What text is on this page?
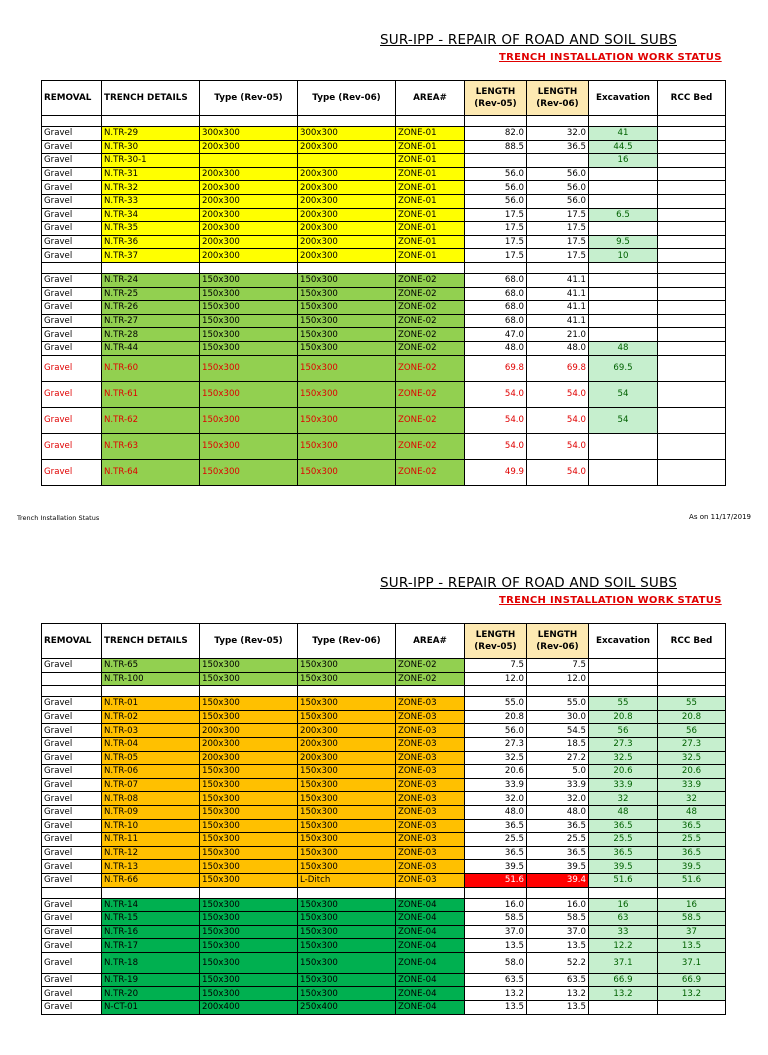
SUR-IPP - REPAIR OF ROAD AND SOIL SUBS
TRENCH INSTALLATION WORK STATUS
REMOVAL	TRENCH DETAILS	Type (Rev-05)	Type (Rev-06)	AREA#	LENGTH (Rev-05)	LENGTH (Rev-06)	Excavation	RCC Bed

Gravel	N.TR-29	300x300	300x300	ZONE-01	82.0	32.0	41	
Gravel	N.TR-30	200x300	200x300	ZONE-01	88.5	36.5	44.5	
Gravel	N.TR-30-1			ZONE-01			16	
Gravel	N.TR-31	200x300	200x300	ZONE-01	56.0	56.0		
Gravel	N.TR-32	200x300	200x300	ZONE-01	56.0	56.0		
Gravel	N.TR-33	200x300	200x300	ZONE-01	56.0	56.0		
Gravel	N.TR-34	200x300	200x300	ZONE-01	17.5	17.5	6.5	
Gravel	N.TR-35	200x300	200x300	ZONE-01	17.5	17.5		
Gravel	N.TR-36	200x300	200x300	ZONE-01	17.5	17.5	9.5	
Gravel	N.TR-37	200x300	200x300	ZONE-01	17.5	17.5	10	

Gravel	N.TR-24	150x300	150x300	ZONE-02	68.0	41.1		
Gravel	N.TR-25	150x300	150x300	ZONE-02	68.0	41.1		
Gravel	N.TR-26	150x300	150x300	ZONE-02	68.0	41.1		
Gravel	N.TR-27	150x300	150x300	ZONE-02	68.0	41.1		
Gravel	N.TR-28	150x300	150x300	ZONE-02	47.0	21.0		
Gravel	N.TR-44	150x300	150x300	ZONE-02	48.0	48.0	48	
Gravel	N.TR-60	150x300	150x300	ZONE-02	69.8	69.8	69.5	
Gravel	N.TR-61	150x300	150x300	ZONE-02	54.0	54.0	54	
Gravel	N.TR-62	150x300	150x300	ZONE-02	54.0	54.0	54	
Gravel	N.TR-63	150x300	150x300	ZONE-02	54.0	54.0		
Gravel	N.TR-64	150x300	150x300	ZONE-02	49.9	54.0		
Trench Installation Status	As on 11/17/2019
SUR-IPP - REPAIR OF ROAD AND SOIL SUBS
TRENCH INSTALLATION WORK STATUS
REMOVAL	TRENCH DETAILS	Type (Rev-05)	Type (Rev-06)	AREA#	LENGTH (Rev-05)	LENGTH (Rev-06)	Excavation	RCC Bed
Gravel	N.TR-65	150x300	150x300	ZONE-02	7.5	7.5		
	N.TR-100	150x300	150x300	ZONE-02	12.0	12.0		

Gravel	N.TR-01	150x300	150x300	ZONE-03	55.0	55.0	55	55
Gravel	N.TR-02	150x300	150x300	ZONE-03	20.8	30.0	20.8	20.8
Gravel	N.TR-03	200x300	200x300	ZONE-03	56.0	54.5	56	56
Gravel	N.TR-04	200x300	200x300	ZONE-03	27.3	18.5	27.3	27.3
Gravel	N.TR-05	200x300	200x300	ZONE-03	32.5	27.2	32.5	32.5
Gravel	N.TR-06	150x300	150x300	ZONE-03	20.6	5.0	20.6	20.6
Gravel	N.TR-07	150x300	150x300	ZONE-03	33.9	33.9	33.9	33.9
Gravel	N.TR-08	150x300	150x300	ZONE-03	32.0	32.0	32	32
Gravel	N.TR-09	150x300	150x300	ZONE-03	48.0	48.0	48	48
Gravel	N.TR-10	150x300	150x300	ZONE-03	36.5	36.5	36.5	36.5
Gravel	N.TR-11	150x300	150x300	ZONE-03	25.5	25.5	25.5	25.5
Gravel	N.TR-12	150x300	150x300	ZONE-03	36.5	36.5	36.5	36.5
Gravel	N.TR-13	150x300	150x300	ZONE-03	39.5	39.5	39.5	39.5
Gravel	N.TR-66	150x300	L-Ditch	ZONE-03	51.6	39.4	51.6	51.6

Gravel	N.TR-14	150x300	150x300	ZONE-04	16.0	16.0	16	16
Gravel	N.TR-15	150x300	150x300	ZONE-04	58.5	58.5	63	58.5
Gravel	N.TR-16	150x300	150x300	ZONE-04	37.0	37.0	33	37
Gravel	N.TR-17	150x300	150x300	ZONE-04	13.5	13.5	12.2	13.5
Gravel	N.TR-18	150x300	150x300	ZONE-04	58.0	52.2	37.1	37.1
Gravel	N.TR-19	150x300	150x300	ZONE-04	63.5	63.5	66.9	66.9
Gravel	N.TR-20	150x300	150x300	ZONE-04	13.2	13.2	13.2	13.2
Gravel	N-CT-01	200x400	250x400	ZONE-04	13.5	13.5		
